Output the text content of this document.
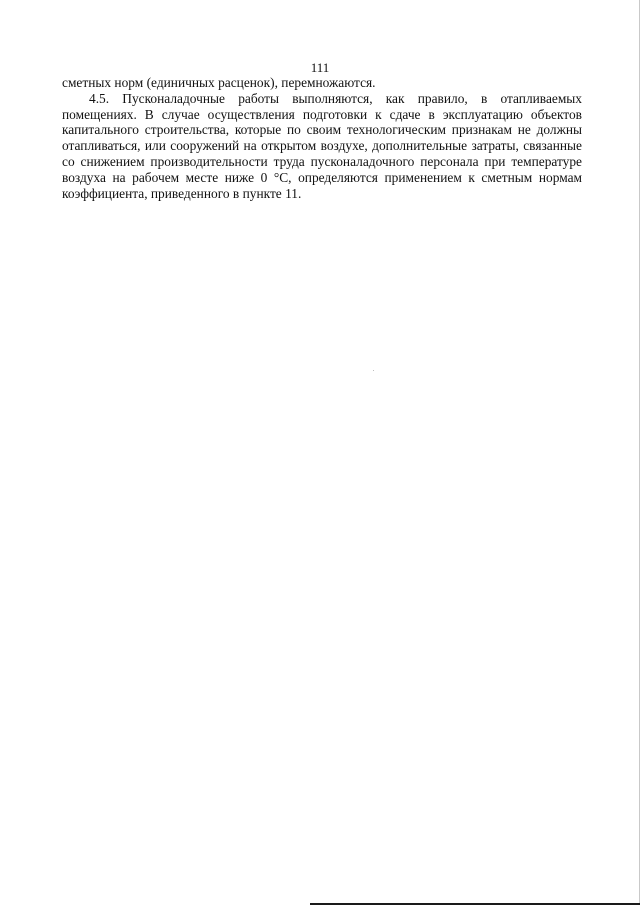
111

сметных норм (единичных расценок), перемножаются.

4.5. Пусконаладочные работы выполняются, как правило, в отапливаемых помещениях. В случае осуществления подготовки к сдаче в эксплуатацию объектов капитального строительства, которые по своим технологическим признакам не должны отапливаться, или сооружений на открытом воздухе, дополнительные затраты, связанные со снижением производительности труда пусконаладочного персонала при температуре воздуха на рабочем месте ниже 0 °С, определяются применением к сметным нормам коэффициента, приведенного в пункте 11.
